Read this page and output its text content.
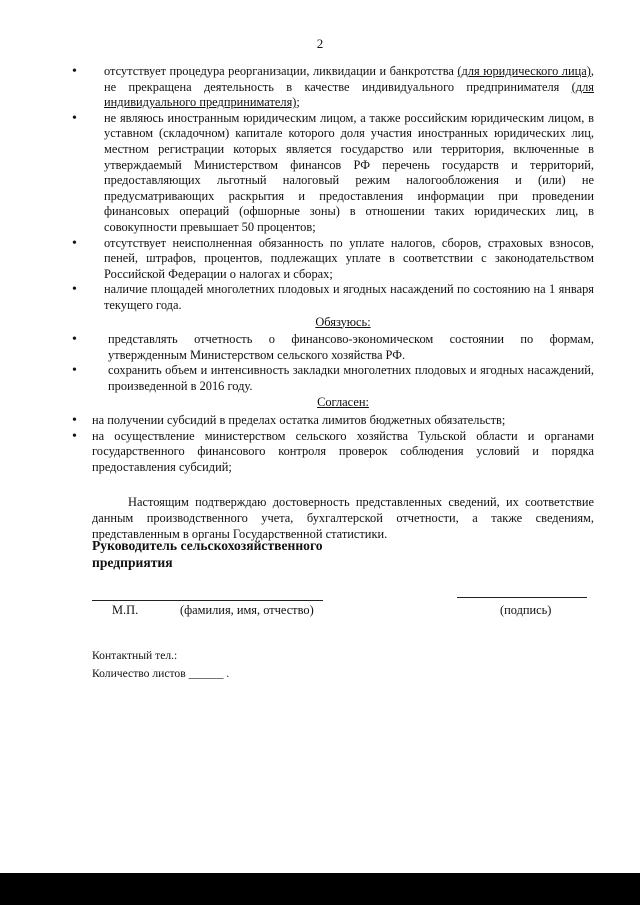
2
• отсутствует процедура реорганизации, ликвидации и банкротства (для юридического лица), не прекращена деятельность в качестве индивидуального предпринимателя (для индивидуального предпринимателя);
• не являюсь иностранным юридическим лицом, а также российским юридическим лицом, в уставном (складочном) капитале которого доля участия иностранных юридических лиц, местном регистрации которых является государство или территория, включенные в утверждаемый Министерством финансов РФ перечень государств и территорий, предоставляющих льготный налоговый режим налогообложения и (или) не предусматривающих раскрытия и предоставления информации при проведении финансовых операций (офшорные зоны) в отношении таких юридических лиц, в совокупности превышает 50 процентов;
• отсутствует неисполненная обязанность по уплате налогов, сборов, страховых взносов, пеней, штрафов, процентов, подлежащих уплате в соответствии с законодательством Российской Федерации о налогах и сборах;
• наличие площадей многолетних плодовых и ягодных насаждений по состоянию на 1 января текущего года.
Обязуюсь:
• представлять отчетность о финансово-экономическом состоянии по формам, утвержденным Министерством сельского хозяйства РФ.
• сохранить объем и интенсивность закладки многолетних плодовых и ягодных насаждений, произведенной в 2016 году.
Согласен:
• на получении субсидий в пределах остатка лимитов бюджетных обязательств;
• на осуществление министерством сельского хозяйства Тульской области и органами государственного финансового контроля проверок соблюдения условий и порядка предоставления субсидий;
Настоящим подтверждаю достоверность представленных сведений, их соответствие данным производственного учета, бухгалтерской отчетности, а также сведениям, представленным в органы Государственной статистики.
Руководитель сельскохозяйственного
предприятия
М.П.	(фамилия, имя, отчество)	(подпись)
Контактный тел.:
Количество листов ______ .
